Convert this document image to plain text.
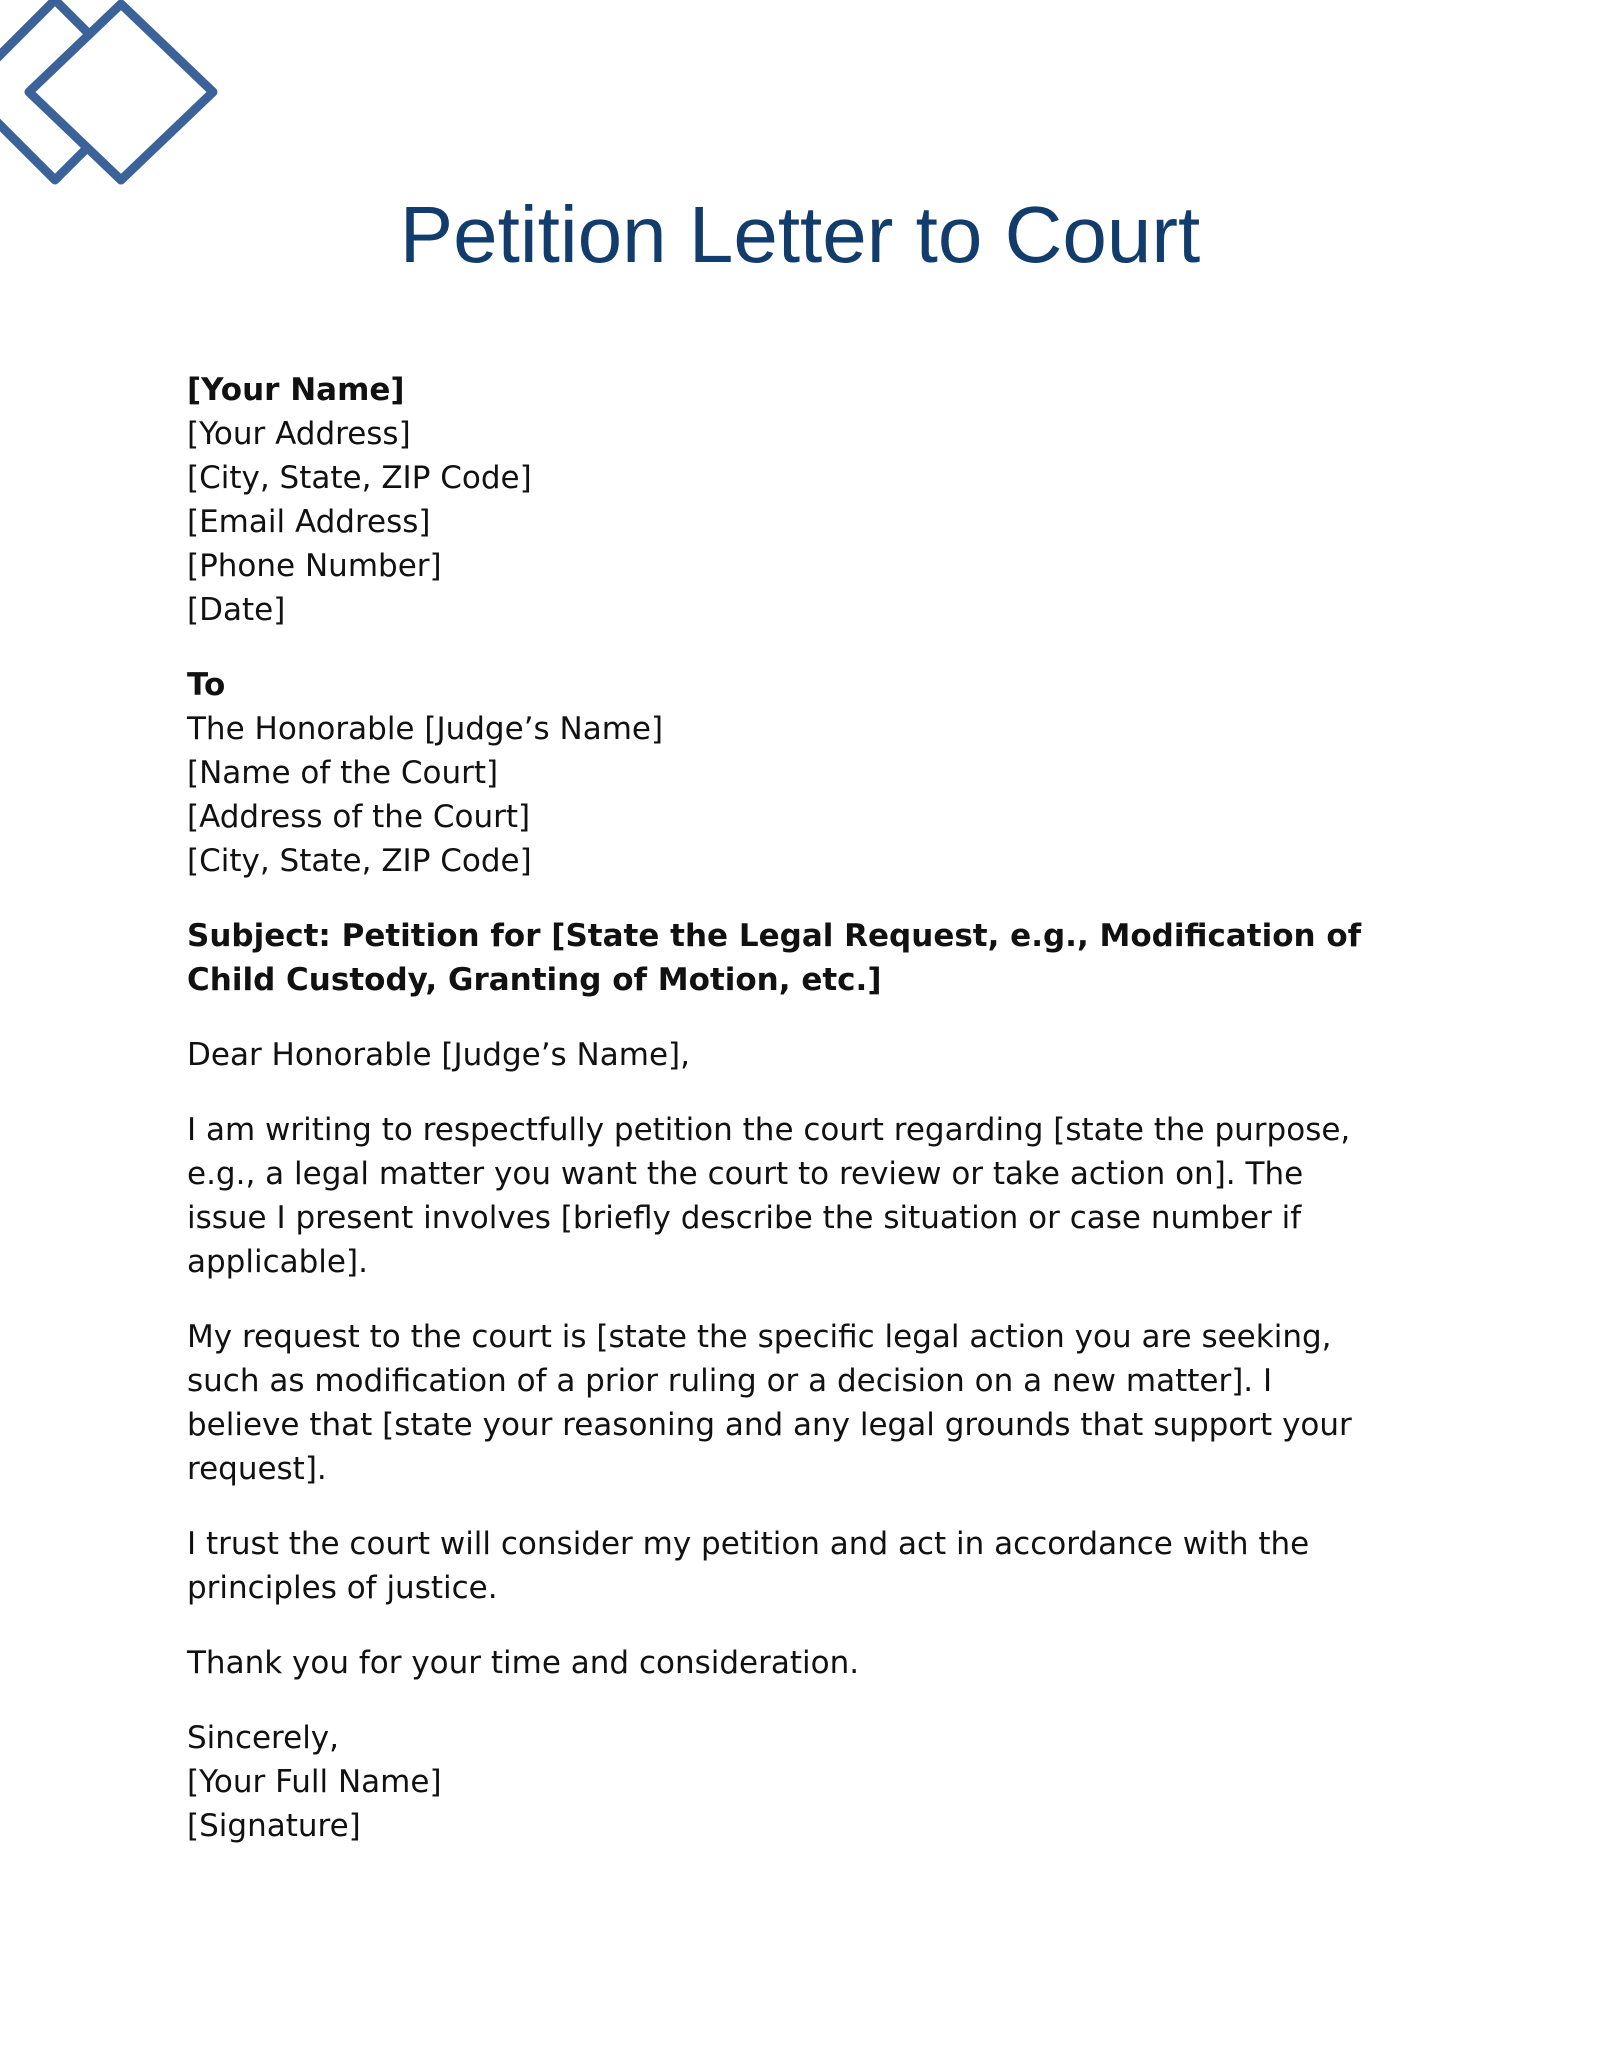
Petition Letter to Court
[Your Name]
[Your Address]
[City, State, ZIP Code]
[Email Address]
[Phone Number]
[Date]
To
The Honorable [Judge’s Name]
[Name of the Court]
[Address of the Court]
[City, State, ZIP Code]
Subject: Petition for [State the Legal Request, e.g., Modification of
Child Custody, Granting of Motion, etc.]
Dear Honorable [Judge’s Name],
I am writing to respectfully petition the court regarding [state the purpose,
e.g., a legal matter you want the court to review or take action on]. The
issue I present involves [briefly describe the situation or case number if
applicable].
My request to the court is [state the specific legal action you are seeking,
such as modification of a prior ruling or a decision on a new matter]. I
believe that [state your reasoning and any legal grounds that support your
request].
I trust the court will consider my petition and act in accordance with the
principles of justice.
Thank you for your time and consideration.
Sincerely,
[Your Full Name]
[Signature]
